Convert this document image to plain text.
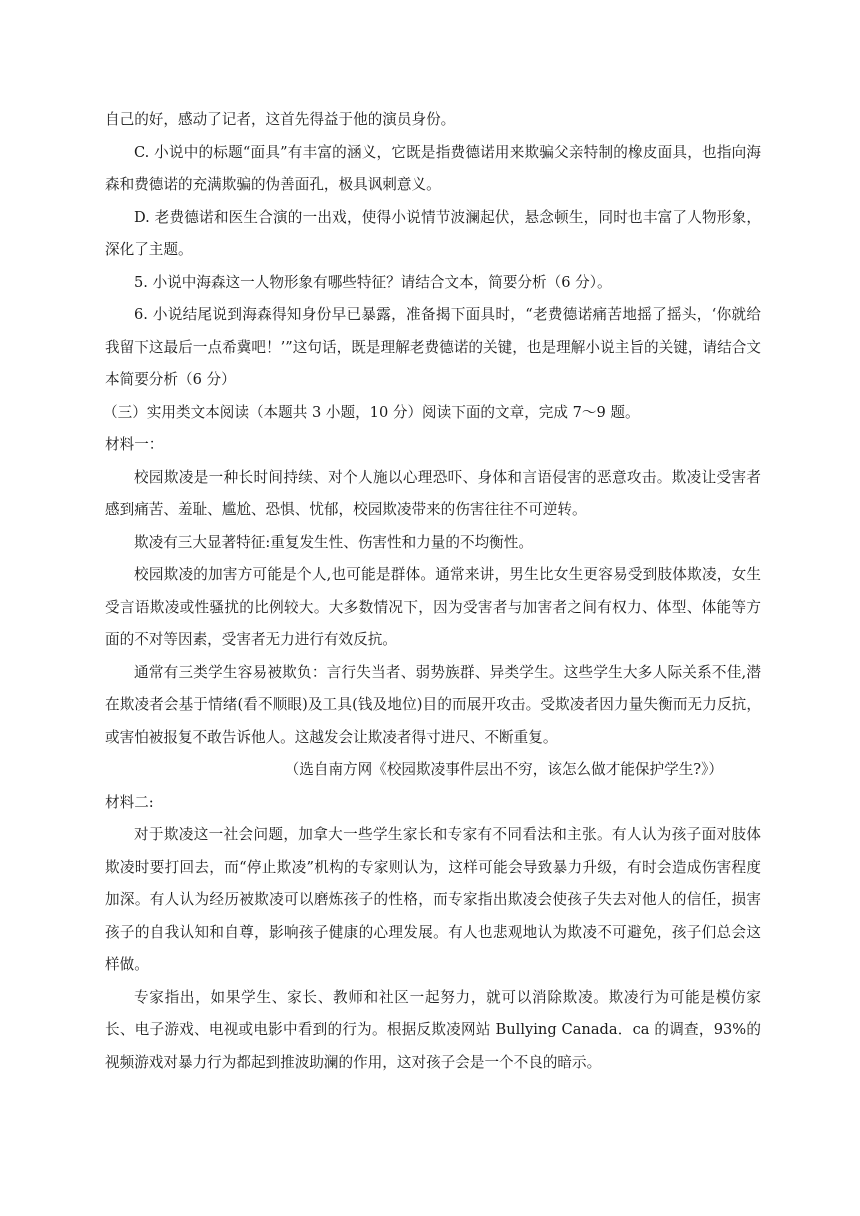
自己的好，感动了记者，这首先得益于他的演员身份。

C. 小说中的标题“面具”有丰富的涵义，它既是指费德诺用来欺骗父亲特制的橡皮面具，也指向海森和费德诺的充满欺骗的伪善面孔，极具讽刺意义。

D. 老费德诺和医生合演的一出戏，使得小说情节波澜起伏，悬念顿生，同时也丰富了人物形象，深化了主题。

5. 小说中海森这一人物形象有哪些特征？请结合文本，简要分析（6 分）。

6. 小说结尾说到海森得知身份早已暴露，准备揭下面具时，“老费德诺痛苦地摇了摇头，‘你就给我留下这最后一点希冀吧！’”这句话，既是理解老费德诺的关键，也是理解小说主旨的关键，请结合文本简要分析（6 分）

（三）实用类文本阅读（本题共 3 小题，10 分）阅读下面的文章，完成 7～9 题。

材料一：

校园欺凌是一种长时间持续、对个人施以心理恐吓、身体和言语侵害的恶意攻击。欺凌让受害者感到痛苦、羞耻、尴尬、恐惧、忧郁，校园欺凌带来的伤害往往不可逆转。

欺凌有三大显著特征:重复发生性、伤害性和力量的不均衡性。

校园欺凌的加害方可能是个人,也可能是群体。通常来讲，男生比女生更容易受到肢体欺凌，女生受言语欺凌或性骚扰的比例较大。大多数情况下，因为受害者与加害者之间有权力、体型、体能等方面的不对等因素，受害者无力进行有效反抗。

通常有三类学生容易被欺负：言行失当者、弱势族群、异类学生。这些学生大多人际关系不佳,潜在欺凌者会基于情绪(看不顺眼)及工具(钱及地位)目的而展开攻击。受欺凌者因力量失衡而无力反抗，或害怕被报复不敢告诉他人。这越发会让欺凌者得寸进尺、不断重复。

（选自南方网《校园欺凌事件层出不穷，该怎么做才能保护学生?》）

材料二:

对于欺凌这一社会问题，加拿大一些学生家长和专家有不同看法和主张。有人认为孩子面对肢体欺凌时要打回去，而“停止欺凌”机构的专家则认为，这样可能会导致暴力升级，有时会造成伤害程度加深。有人认为经历被欺凌可以磨炼孩子的性格，而专家指出欺凌会使孩子失去对他人的信任，损害孩子的自我认知和自尊，影响孩子健康的心理发展。有人也悲观地认为欺凌不可避免，孩子们总会这样做。

专家指出，如果学生、家长、教师和社区一起努力，就可以消除欺凌。欺凌行为可能是模仿家长、电子游戏、电视或电影中看到的行为。根据反欺凌网站 Bullying Canada．ca 的调查，93%的视频游戏对暴力行为都起到推波助澜的作用，这对孩子会是一个不良的暗示。
